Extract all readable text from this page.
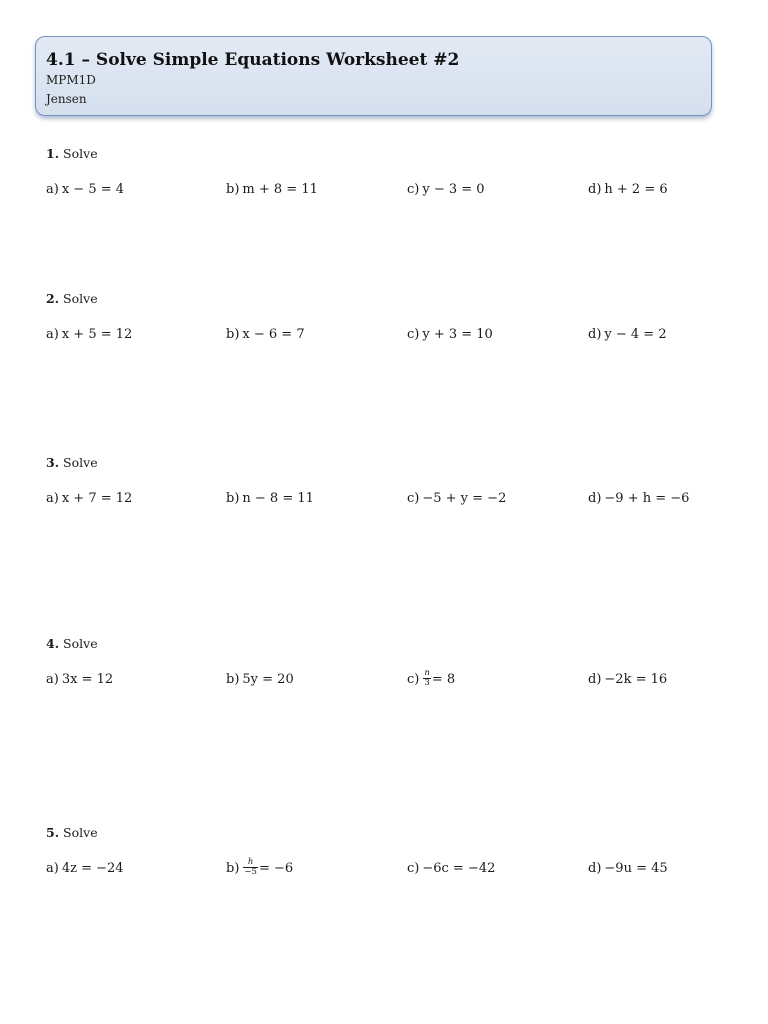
4.1 – Solve Simple Equations Worksheet #2
MPM1D
Jensen
1. Solve
a) x − 5 = 4	b) m + 8 = 11	c) y − 3 = 0	d) h + 2 = 6
2. Solve
a) x + 5 = 12	b) x − 6 = 7	c) y + 3 = 10	d) y − 4 = 2
3. Solve
a) x + 7 = 12	b) n − 8 = 11	c) −5 + y = −2	d) −9 + h = −6
4. Solve
a) 3x = 12	b) 5y = 20	$c) \frac{n}{3} = 8$	d) −2k = 16
5. Solve
a) 4z = −24	$b) \frac{h}{-5} = -6$	c) −6c = −42	d) −9u = 45
